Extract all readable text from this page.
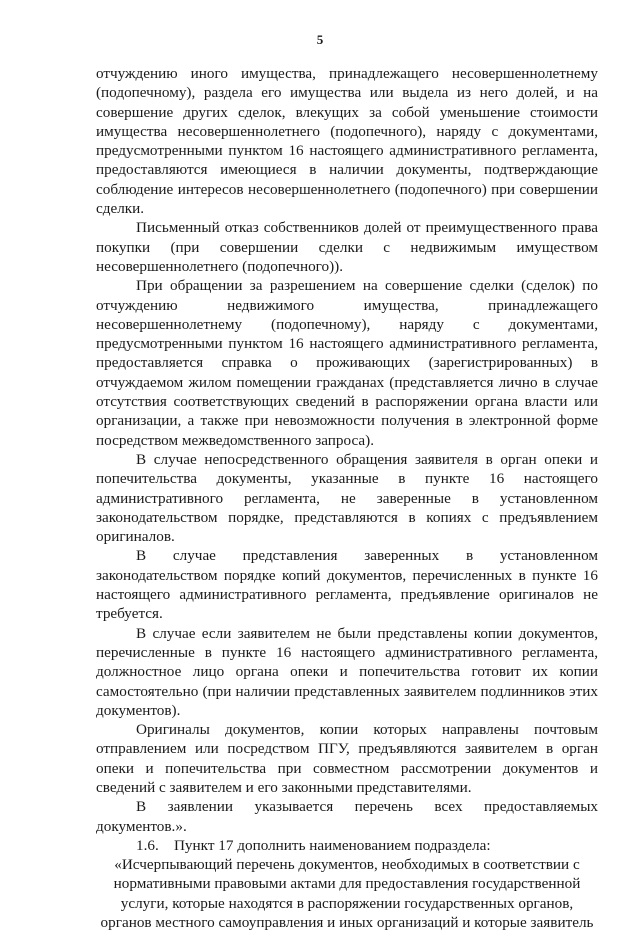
5

отчуждению иного имущества, принадлежащего несовершеннолетнему (подопечному), раздела его имущества или выдела из него долей, и на совершение других сделок, влекущих за собой уменьшение стоимости имущества несовершеннолетнего (подопечного), наряду с документами, предусмотренными пунктом 16 настоящего административного регламента, предоставляются имеющиеся в наличии документы, подтверждающие соблюдение интересов несовершеннолетнего (подопечного) при совершении сделки.

Письменный отказ собственников долей от преимущественного права покупки (при совершении сделки с недвижимым имуществом несовершеннолетнего (подопечного)).

При обращении за разрешением на совершение сделки (сделок) по отчуждению недвижимого имущества, принадлежащего несовершеннолетнему (подопечному), наряду с документами, предусмотренными пунктом 16 настоящего административного регламента, предоставляется справка о проживающих (зарегистрированных) в отчуждаемом жилом помещении гражданах (представляется лично в случае отсутствия соответствующих сведений в распоряжении органа власти или организации, а также при невозможности получения в электронной форме посредством межведомственного запроса).

В случае непосредственного обращения заявителя в орган опеки и попечительства документы, указанные в пункте 16 настоящего административного регламента, не заверенные в установленном законодательством порядке, представляются в копиях с предъявлением оригиналов.

В случае представления заверенных в установленном законодательством порядке копий документов, перечисленных в пункте 16 настоящего административного регламента, предъявление оригиналов не требуется.

В случае если заявителем не были представлены копии документов, перечисленные в пункте 16 настоящего административного регламента, должностное лицо органа опеки и попечительства готовит их копии самостоятельно (при наличии представленных заявителем подлинников этих документов).

Оригиналы документов, копии которых направлены почтовым отправлением или посредством ПГУ, предъявляются заявителем в орган опеки и попечительства при совместном рассмотрении документов и сведений с заявителем и его законными представителями.

В заявлении указывается перечень всех предоставляемых документов.».

1.6.    Пункт 17 дополнить наименованием подраздела:

«Исчерпывающий перечень документов, необходимых в соответствии с нормативными правовыми актами для предоставления государственной услуги, которые находятся в распоряжении государственных органов, органов местного самоуправления и иных организаций и которые заявитель
